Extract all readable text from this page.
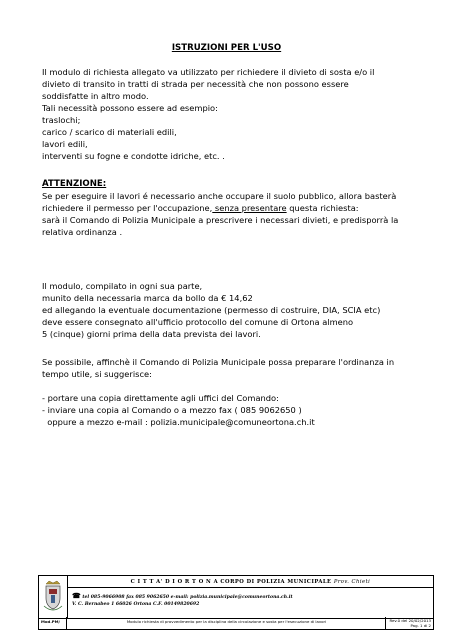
ISTRUZIONI PER L'USO
Il modulo di richiesta allegato va utilizzato per richiedere il divieto di sosta e/o il
divieto di transito in tratti di strada per necessità che non possono essere
soddisfatte in altro modo.
Tali necessità possono essere ad esempio:
traslochi;
carico / scarico di materiali edili,
lavori edili,
interventi su fogne e condotte idriche, etc. .
ATTENZIONE:
Se per eseguire il lavori é necessario anche occupare il suolo pubblico, allora basterà
richiedere il permesso per l'occupazione, senza presentare questa richiesta:
sarà il Comando di Polizia Municipale a prescrivere i necessari divieti, e predisporrà la
relativa ordinanza .
Il modulo, compilato in ogni sua parte,
munito della necessaria marca da bollo da € 14,62
ed allegando la eventuale documentazione (permesso di costruire, DIA, SCIA etc)
deve essere consegnato all'ufficio protocollo del comune di Ortona almeno
5 (cinque) giorni prima della data prevista dei lavori.
Se possibile, affinchè il Comando di Polizia Municipale possa preparare l'ordinanza in
tempo utile, si suggerisce:
- portare una copia direttamente agli uffici del Comando:
- inviare una copia al Comando o a mezzo fax ( 085 9062650 )
oppure a mezzo e-mail : polizia.municipale@comuneortona.ch.it
C I T T A' D I O R T O N A CORPO DI POLIZIA MUNICIPALE Prov. Chieti
☎ tel 085-9066908 fax 085 9062650 e-mail: polizia.municipale@comuneortona.ch.it
V. C. Bernabeo 1 66026 Ortona C.F. 00149820692
Mod.PM/	Modulo richiesta di provvedimento per la disciplina della circolazione e sosta per l'esecuzione di lavori	Rev.0 del 20/02/2013
Pag. 1 di 2
